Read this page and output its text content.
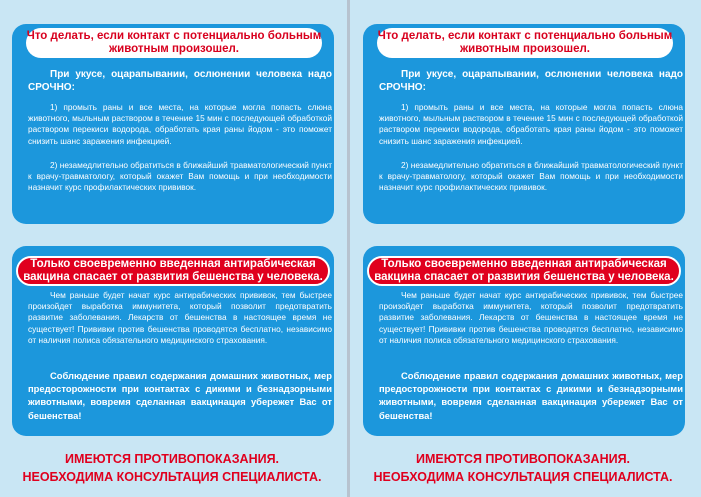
Что делать, если контакт с потенциально больным животным произошел.
При укусе, оцарапывании, ослюнении человека надо СРОЧНО:
1) промыть раны и все места, на которые могла попасть слюна животного, мыльным раствором в течение 15 мин с последующей обработкой раствором перекиси водорода, обработать края раны йодом - это поможет снизить шанс заражения инфекцией.
2) незамедлительно обратиться в ближайший травматологический пункт к врачу-травматологу, который окажет Вам помощь и при необходимости назначит курс профилактических прививок.
Только своевременно введенная антирабическая вакцина спасает от развития бешенства у человека.
Чем раньше будет начат курс антирабических прививок, тем быстрее произойдет выработка иммунитета, который позволит предотвратить развитие заболевания. Лекарств от бешенства в настоящее время не существует! Прививки против бешенства проводятся бесплатно, независимо от наличия полиса обязательного медицинского страхования.
Соблюдение правил содержания домашних животных, мер предосторожности при контактах с дикими и безнадзорными животными, вовремя сделанная вакцинация убережет Вас от бешенства!
ИМЕЮТСЯ ПРОТИВОПОКАЗАНИЯ.
НЕОБХОДИМА КОНСУЛЬТАЦИЯ СПЕЦИАЛИСТА.
Что делать, если контакт с потенциально больным животным произошел.
При укусе, оцарапывании, ослюнении человека надо СРОЧНО:
1) промыть раны и все места, на которые могла попасть слюна животного, мыльным раствором в течение 15 мин с последующей обработкой раствором перекиси водорода, обработать края раны йодом - это поможет снизить шанс заражения инфекцией.
2) незамедлительно обратиться в ближайший травматологический пункт к врачу-травматологу, который окажет Вам помощь и при необходимости назначит курс профилактических прививок.
Только своевременно введенная антирабическая вакцина спасает от развития бешенства у человека.
Чем раньше будет начат курс антирабических прививок, тем быстрее произойдет выработка иммунитета, который позволит предотвратить развитие заболевания. Лекарств от бешенства в настоящее время не существует! Прививки против бешенства проводятся бесплатно, независимо от наличия полиса обязательного медицинского страхования.
Соблюдение правил содержания домашних животных, мер предосторожности при контактах с дикими и безнадзорными животными, вовремя сделанная вакцинация убережет Вас от бешенства!
ИМЕЮТСЯ ПРОТИВОПОКАЗАНИЯ.
НЕОБХОДИМА КОНСУЛЬТАЦИЯ СПЕЦИАЛИСТА.
